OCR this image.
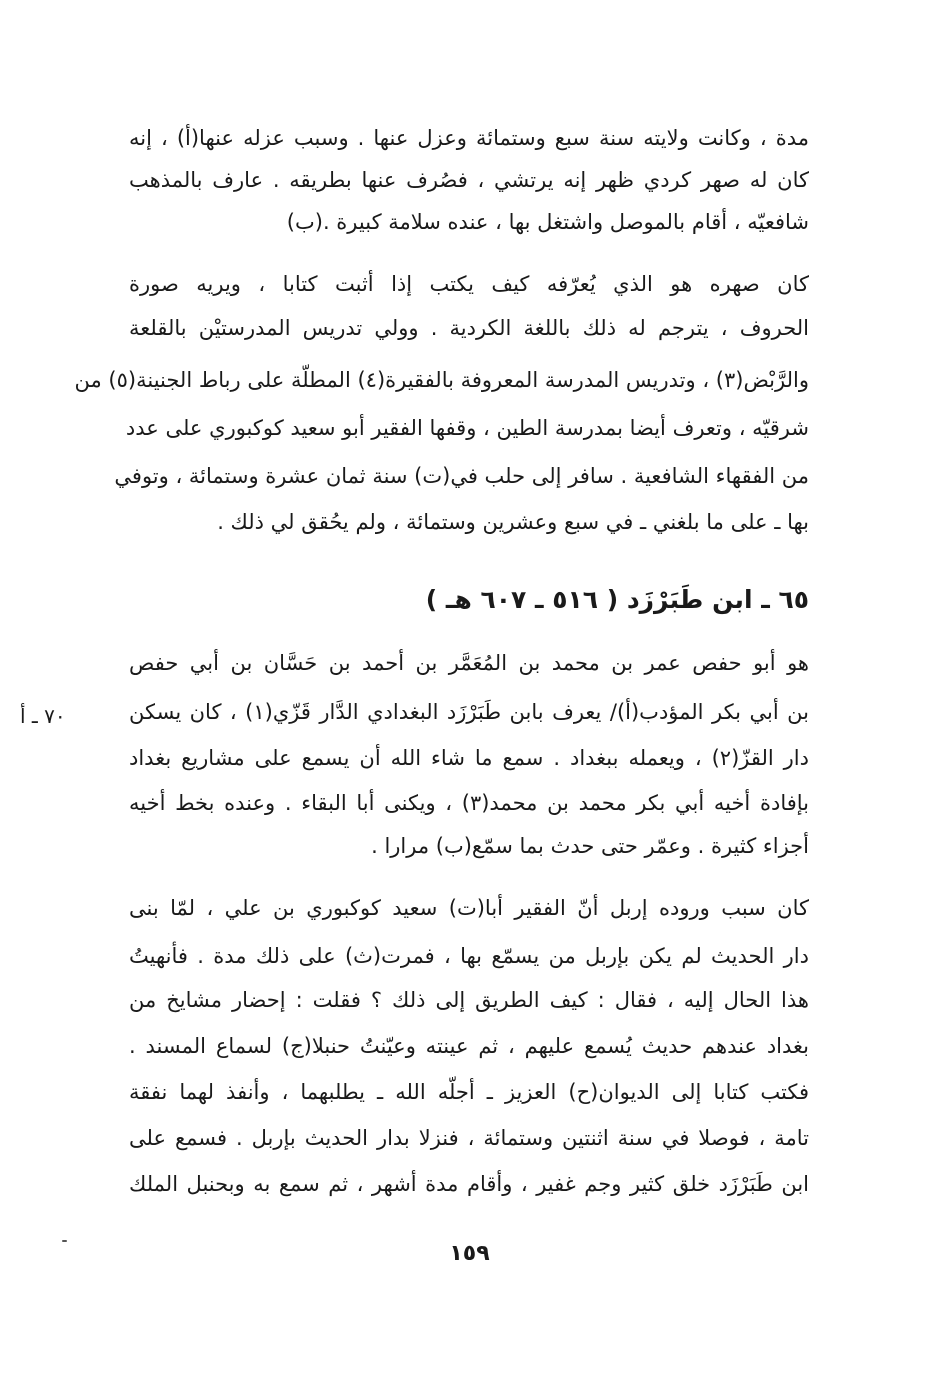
مدة ، وكانت ولايته سنة سبع وستمائة وعزل عنها . وسبب عزله عنها(أ) ، إنه
كان له صهر كردي ظهر إنه يرتشي ، فصُرف عنها بطريقه . عارف بالمذهب
شافعيّه ، أقام بالموصل واشتغل بها ، عنده سلامة كبيرة .(ب)
كان صهره هو الذي يُعرّفه كيف يكتب إذا أثبت كتابا ، ويريه صورة
الحروف ، يترجم له ذلك باللغة الكردية . وولي تدريس المدرستيْن بالقلعة
والرَّبْض(٣) ، وتدريس المدرسة المعروفة بالفقيرة(٤) المطلّة على رباط الجنينة(٥) من
شرقيّه ، وتعرف أيضا بمدرسة الطين ، وقفها الفقير أبو سعيد كوكبوري على عدد
من الفقهاء الشافعية . سافر إلى حلب في(ت) سنة ثمان عشرة وستمائة ، وتوفي
بها ـ على ما بلغني ـ في سبع وعشرين وستمائة ، ولم يحُقق لي ذلك .
٦٥ ـ ابن طَبَرْزَد ( ٥١٦ ـ ٦٠٧ هـ )
هو أبو حفص عمر بن محمد بن المُعَمَّر بن أحمد بن حَسَّان بن أبي حفص
بن أبي بكر المؤدب(أ)/ يعرف بابن طَبَرْزَد البغدادي الدَّار قَزّي(١) ، كان يسكن
دار القزّ(٢) ، ويعمله ببغداد . سمع ما شاء الله أن يسمع على مشاريع بغداد
بإفادة أخيه أبي بكر محمد بن محمد(٣) ، ويكنى أبا البقاء . وعنده بخط أخيه
أجزاء كثيرة . وعمّر حتى حدث بما سمّع(ب) مرارا .
٧٠ ـ أ
كان سبب وروده إربل أنّ الفقير أبا(ت) سعيد كوكبوري بن علي ، لمّا بنى
دار الحديث لم يكن بإربل من يسمّع بها ، فمرت(ث) على ذلك مدة . فأنهيتُ
هذا الحال إليه ، فقال : كيف الطريق إلى ذلك ؟ فقلت : إحضار مشايخ من
بغداد عندهم حديث يُسمع عليهم ، ثم عينته وعيّنتُ حنبلا(ج) لسماع المسند .
فكتب كتابا إلى الديوان(ح) العزيز ـ أجلّه الله ـ يطلبهما ، وأنفذ لهما نفقة
تامة ، فوصلا في سنة اثنتين وستمائة ، فنزلا بدار الحديث بإربل . فسمع على
ابن طَبَرْزَد خلق كثير وجم غفير ، وأقام مدة أشهر ، ثم سمع به وبحنبل الملك
١٥٩
